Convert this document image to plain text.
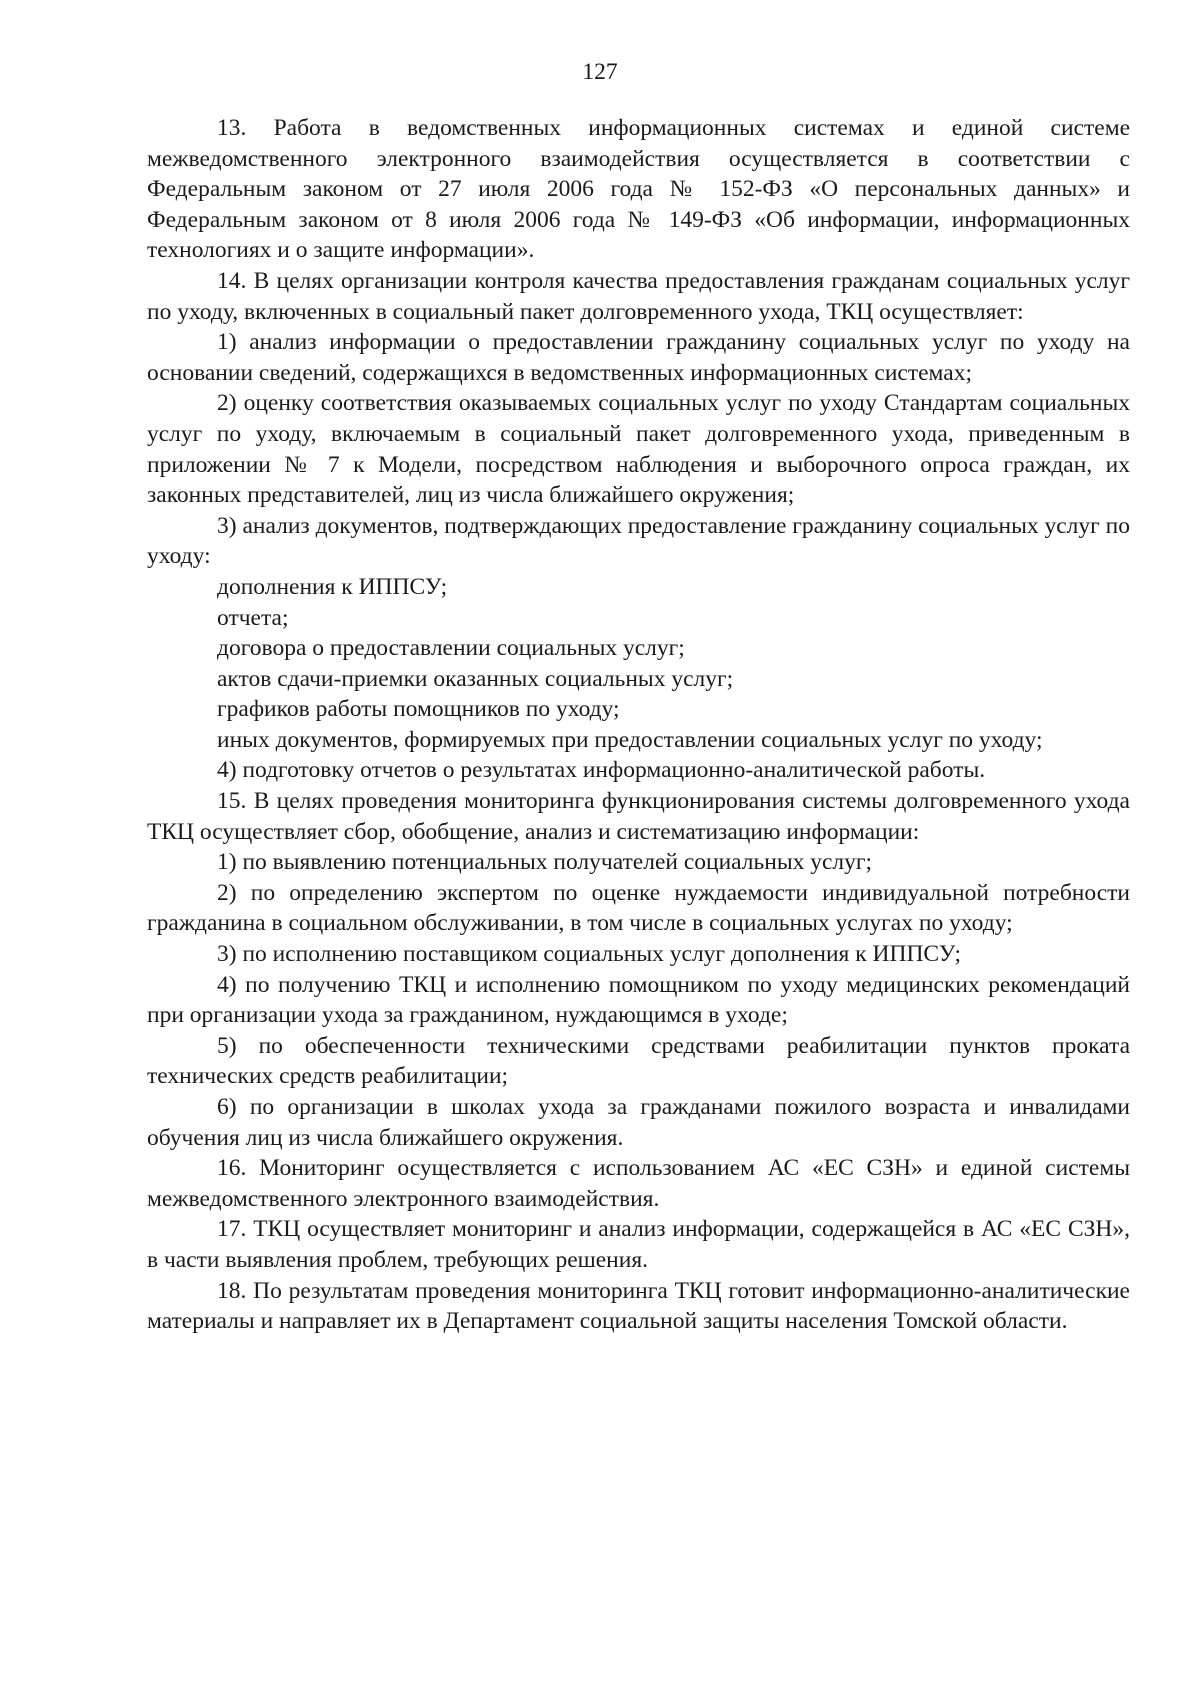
127

13. Работа в ведомственных информационных системах и единой системе межведомственного электронного взаимодействия осуществляется в соответствии с Федеральным законом от 27 июля 2006 года № 152-ФЗ «О персональных данных» и Федеральным законом от 8 июля 2006 года № 149-ФЗ «Об информации, информационных технологиях и о защите информации».

14. В целях организации контроля качества предоставления гражданам социальных услуг по уходу, включенных в социальный пакет долговременного ухода, ТКЦ осуществляет:

1) анализ информации о предоставлении гражданину социальных услуг по уходу на основании сведений, содержащихся в ведомственных информационных системах;

2) оценку соответствия оказываемых социальных услуг по уходу Стандартам социальных услуг по уходу, включаемым в социальный пакет долговременного ухода, приведенным в приложении № 7 к Модели, посредством наблюдения и выборочного опроса граждан, их законных представителей, лиц из числа ближайшего окружения;

3) анализ документов, подтверждающих предоставление гражданину социальных услуг по уходу:

дополнения к ИППСУ;

отчета;

договора о предоставлении социальных услуг;

актов сдачи-приемки оказанных социальных услуг;

графиков работы помощников по уходу;

иных документов, формируемых при предоставлении социальных услуг по уходу;

4) подготовку отчетов о результатах информационно-аналитической работы.

15. В целях проведения мониторинга функционирования системы долговременного ухода ТКЦ осуществляет сбор, обобщение, анализ и систематизацию информации:

1) по выявлению потенциальных получателей социальных услуг;

2) по определению экспертом по оценке нуждаемости индивидуальной потребности гражданина в социальном обслуживании, в том числе в социальных услугах по уходу;

3) по исполнению поставщиком социальных услуг дополнения к ИППСУ;

4) по получению ТКЦ и исполнению помощником по уходу медицинских рекомендаций при организации ухода за гражданином, нуждающимся в уходе;

5) по обеспеченности техническими средствами реабилитации пунктов проката технических средств реабилитации;

6) по организации в школах ухода за гражданами пожилого возраста и инвалидами обучения лиц из числа ближайшего окружения.

16. Мониторинг осуществляется с использованием АС «ЕС СЗН» и единой системы межведомственного электронного взаимодействия.

17. ТКЦ осуществляет мониторинг и анализ информации, содержащейся в АС «ЕС СЗН», в части выявления проблем, требующих решения.

18. По результатам проведения мониторинга ТКЦ готовит информационно-аналитические материалы и направляет их в Департамент социальной защиты населения Томской области.
